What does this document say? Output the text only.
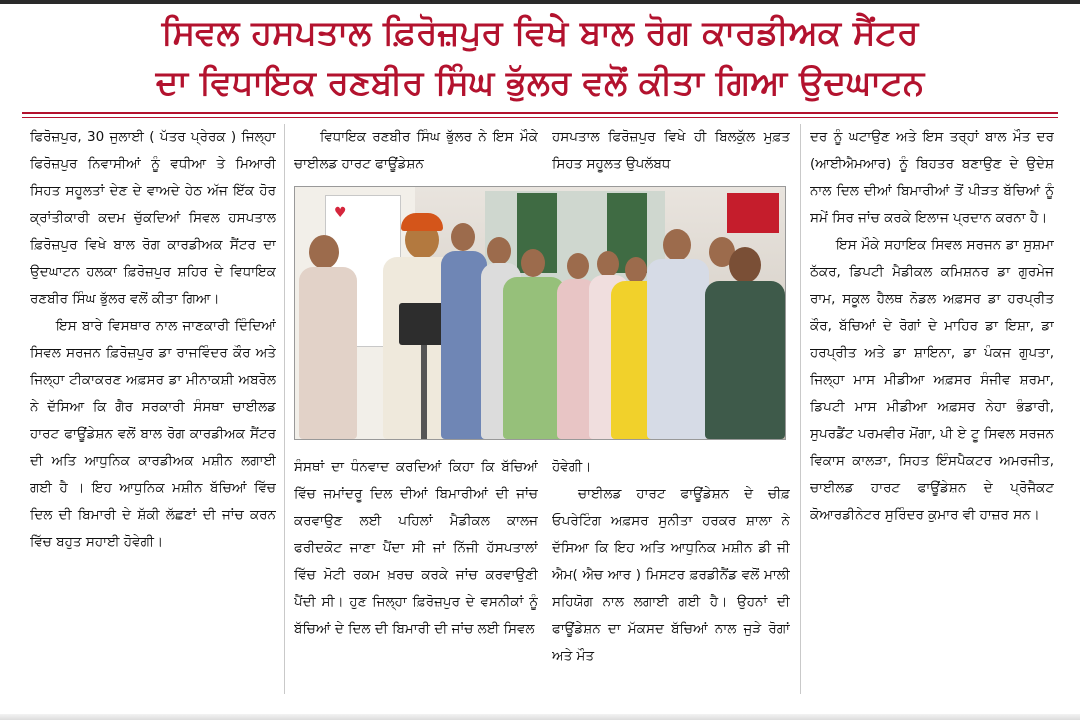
ਸਿਵਲ ਹਸਪਤਾਲ ਫ਼ਿਰੋਜ਼ਪੁਰ ਵਿਖੇ ਬਾਲ ਰੋਗ ਕਾਰਡੀਅਕ ਸੈਂਟਰ
ਦਾ ਵਿਧਾਇਕ ਰਣਬੀਰ ਸਿੰਘ ਭੁੱਲਰ ਵਲੋਂ ਕੀਤਾ ਗਿਆ ਉਦਘਾਟਨ

ਫਿਰੋਜ਼ਪੁਰ, 30 ਜੁਲਾਈ ( ਪੱਤਰ ਪ੍ਰੇਰਕ ) ਜਿਲ੍ਹਾ ਫਿਰੋਜ਼ਪੁਰ ਨਿਵਾਸੀਆਂ ਨੂੰ ਵਧੀਆ ਤੇ ਮਿਆਰੀ ਸਿਹਤ ਸਹੂਲਤਾਂ ਦੇਣ ਦੇ ਵਾਅਦੇ ਹੇਠ ਅੱਜ ਇੱਕ ਹੋਰ ਕ੍ਰਾਂਤੀਕਾਰੀ ਕਦਮ ਚੁੱਕਦਿਆਂ ਸਿਵਲ ਹਸਪਤਾਲ ਫ਼ਿਰੋਜ਼ਪੁਰ ਵਿਖੇ ਬਾਲ ਰੋਗ ਕਾਰਡੀਅਕ ਸੈਂਟਰ ਦਾ ਉਦਘਾਟਨ ਹਲਕਾ ਫ਼ਿਰੋਜ਼ਪੁਰ ਸ਼ਹਿਰ ਦੇ ਵਿਧਾਇਕ ਰਣਬੀਰ ਸਿੰਘ ਭੁੱਲਰ ਵਲੋਂ ਕੀਤਾ ਗਿਆ।

ਇਸ ਬਾਰੇ ਵਿਸਥਾਰ ਨਾਲ ਜਾਣਕਾਰੀ ਦਿੰਦਿਆਂ ਸਿਵਲ ਸਰਜਨ ਫ਼ਿਰੋਜ਼ਪੁਰ ਡਾ ਰਾਜਵਿੰਦਰ ਕੌਰ ਅਤੇ ਜਿਲ੍ਹਾ ਟੀਕਾਕਰਣ ਅਫ਼ਸਰ ਡਾ ਮੀਨਾਕਸ਼ੀ ਅਬਰੋਲ ਨੇ ਦੱਸਿਆ ਕਿ ਗੈਰ ਸਰਕਾਰੀ ਸੰਸਥਾ ਚਾਈਲਡ ਹਾਰਟ ਫਾਊਂਡੇਸ਼ਨ ਵਲੋਂ ਬਾਲ ਰੋਗ ਕਾਰਡੀਅਕ ਸੈਂਟਰ ਦੀ ਅਤਿ ਆਧੁਨਿਕ ਕਾਰਡੀਅਕ ਮਸ਼ੀਨ ਲਗਾਈ ਗਈ ਹੈ । ਇਹ ਆਧੁਨਿਕ ਮਸ਼ੀਨ ਬੱਚਿਆਂ ਵਿੱਚ ਦਿਲ ਦੀ ਬਿਮਾਰੀ ਦੇ ਸ਼ੱਕੀ ਲੱਛਣਾਂ ਦੀ ਜਾਂਚ ਕਰਨ ਵਿੱਚ ਬਹੁਤ ਸਹਾਈ ਹੋਵੇਗੀ।

ਵਿਧਾਇਕ ਰਣਬੀਰ ਸਿੰਘ ਭੁੱਲਰ ਨੇ ਇਸ ਮੌਕੇ ਚਾਈਲਡ ਹਾਰਟ ਫਾਊਂਡੇਸ਼ਨ
ਹਸਪਤਾਲ ਫਿਰੋਜ਼ਪੁਰ ਵਿਖੇ ਹੀ ਬਿਲਕੁੱਲ ਮੁਫ਼ਤ ਸਿਹਤ ਸਹੂਲਤ ਉਪਲੱਬਧ
♥
ਸੰਸਥਾਂ ਦਾ ਧੰਨਵਾਦ ਕਰਦਿਆਂ ਕਿਹਾ ਕਿ ਬੱਚਿਆਂ ਵਿੱਚ ਜਮਾਂਦਰੂ ਦਿਲ ਦੀਆਂ ਬਿਮਾਰੀਆਂ ਦੀ ਜਾਂਚ ਕਰਵਾਉਣ ਲਈ ਪਹਿਲਾਂ ਮੈਡੀਕਲ ਕਾਲਜ ਫਰੀਦਕੋਟ ਜਾਣਾ ਪੈਂਦਾ ਸੀ ਜਾਂ ਨਿੱਜੀ ਹੱਸਪਤਾਲਾਂ ਵਿੱਚ ਮੋਟੀ ਰਕਮ ਖ਼ਰਚ ਕਰਕੇ ਜਾਂਚ ਕਰਵਾਉਣੀ ਪੈਂਦੀ ਸੀ। ਹੁਣ ਜਿਲ੍ਹਾ ਫ਼ਿਰੋਜ਼ਪੁਰ ਦੇ ਵਸਨੀਕਾਂ ਨੂੰ ਬੱਚਿਆਂ ਦੇ ਦਿਲ ਦੀ ਬਿਮਾਰੀ ਦੀ ਜਾਂਚ ਲਈ ਸਿਵਲ

ਹੋਵੇਗੀ।

ਚਾਈਲਡ ਹਾਰਟ ਫਾਊਂਡੇਸ਼ਨ ਦੇ ਚੀਫ਼ ਓਪਰੇਟਿੰਗ ਅਫ਼ਸਰ ਸੁਨੀਤਾ ਹਰਕਰ ਸ਼ਾਲਾ ਨੇ ਦੱਸਿਆ ਕਿ ਇਹ ਅਤਿ ਆਧੁਨਿਕ ਮਸ਼ੀਨ ਡੀ ਜੀ ਐਮ( ਐਚ ਆਰ ) ਮਿਸਟਰ ਫ਼ਰਡੀਨੈਂਡ ਵਲੋਂ ਮਾਲੀ ਸਹਿਯੋਗ ਨਾਲ ਲਗਾਈ ਗਈ ਹੈ। ਉਹਨਾਂ ਦੀ ਫਾਊਂਡੇਸ਼ਨ ਦਾ ਮੱਕਸਦ ਬੱਚਿਆਂ ਨਾਲ ਜੁੜੇ ਰੋਗਾਂ ਅਤੇ ਮੌਤ

ਦਰ ਨੂੰ ਘਟਾਉਣ ਅਤੇ ਇਸ ਤਰ੍ਹਾਂ ਬਾਲ ਮੌਤ ਦਰ (ਆਈਐਮਆਰ) ਨੂੰ ਬਿਹਤਰ ਬਣਾਉਣ ਦੇ ਉਦੇਸ਼ ਨਾਲ ਦਿਲ ਦੀਆਂ ਬਿਮਾਰੀਆਂ ਤੋਂ ਪੀੜਤ ਬੱਚਿਆਂ ਨੂੰ ਸਮੇਂ ਸਿਰ ਜਾਂਚ ਕਰਕੇ ਇਲਾਜ ਪ੍ਰਦਾਨ ਕਰਨਾ ਹੈ।

ਇਸ ਮੌਕੇ ਸਹਾਇਕ ਸਿਵਲ ਸਰਜਨ ਡਾ ਸੁਸ਼ਮਾ ਠੱਕਰ, ਡਿਪਟੀ ਮੈਡੀਕਲ ਕਮਿਸ਼ਨਰ ਡਾ ਗੁਰਮੇਜ ਰਾਮ, ਸਕੂਲ ਹੈਲਥ ਨੋਡਲ ਅਫ਼ਸਰ ਡਾ ਹਰਪ੍ਰੀਤ ਕੌਰ, ਬੱਚਿਆਂ ਦੇ ਰੋਗਾਂ ਦੇ ਮਾਹਿਰ ਡਾ ਇਸ਼ਾ, ਡਾ ਹਰਪ੍ਰੀਤ ਅਤੇ ਡਾ ਸ਼ਾਇਨਾ, ਡਾ ਪੰਕਜ ਗੁਪਤਾ, ਜਿਲ੍ਹਾ ਮਾਸ ਮੀਡੀਆ ਅਫ਼ਸਰ ਸੰਜੀਵ ਸ਼ਰਮਾ, ਡਿਪਟੀ ਮਾਸ ਮੀਡੀਆ ਅਫ਼ਸਰ ਨੇਹਾ ਭੰਡਾਰੀ, ਸੁਪਰਡੈਂਟ ਪਰਮਵੀਰ ਮੋਂਗਾ, ਪੀ ਏ ਟੂ ਸਿਵਲ ਸਰਜਨ ਵਿਕਾਸ ਕਾਲੜਾ, ਸਿਹਤ ਇੰਸਪੈਕਟਰ ਅਮਰਜੀਤ, ਚਾਈਲਡ ਹਾਰਟ ਫਾਊਂਡੇਸ਼ਨ ਦੇ ਪ੍ਰੋਜੈਕਟ ਕੋਆਰਡੀਨੇਟਰ ਸੁਰਿੰਦਰ ਕੁਮਾਰ ਵੀ ਹਾਜ਼ਰ ਸਨ।
